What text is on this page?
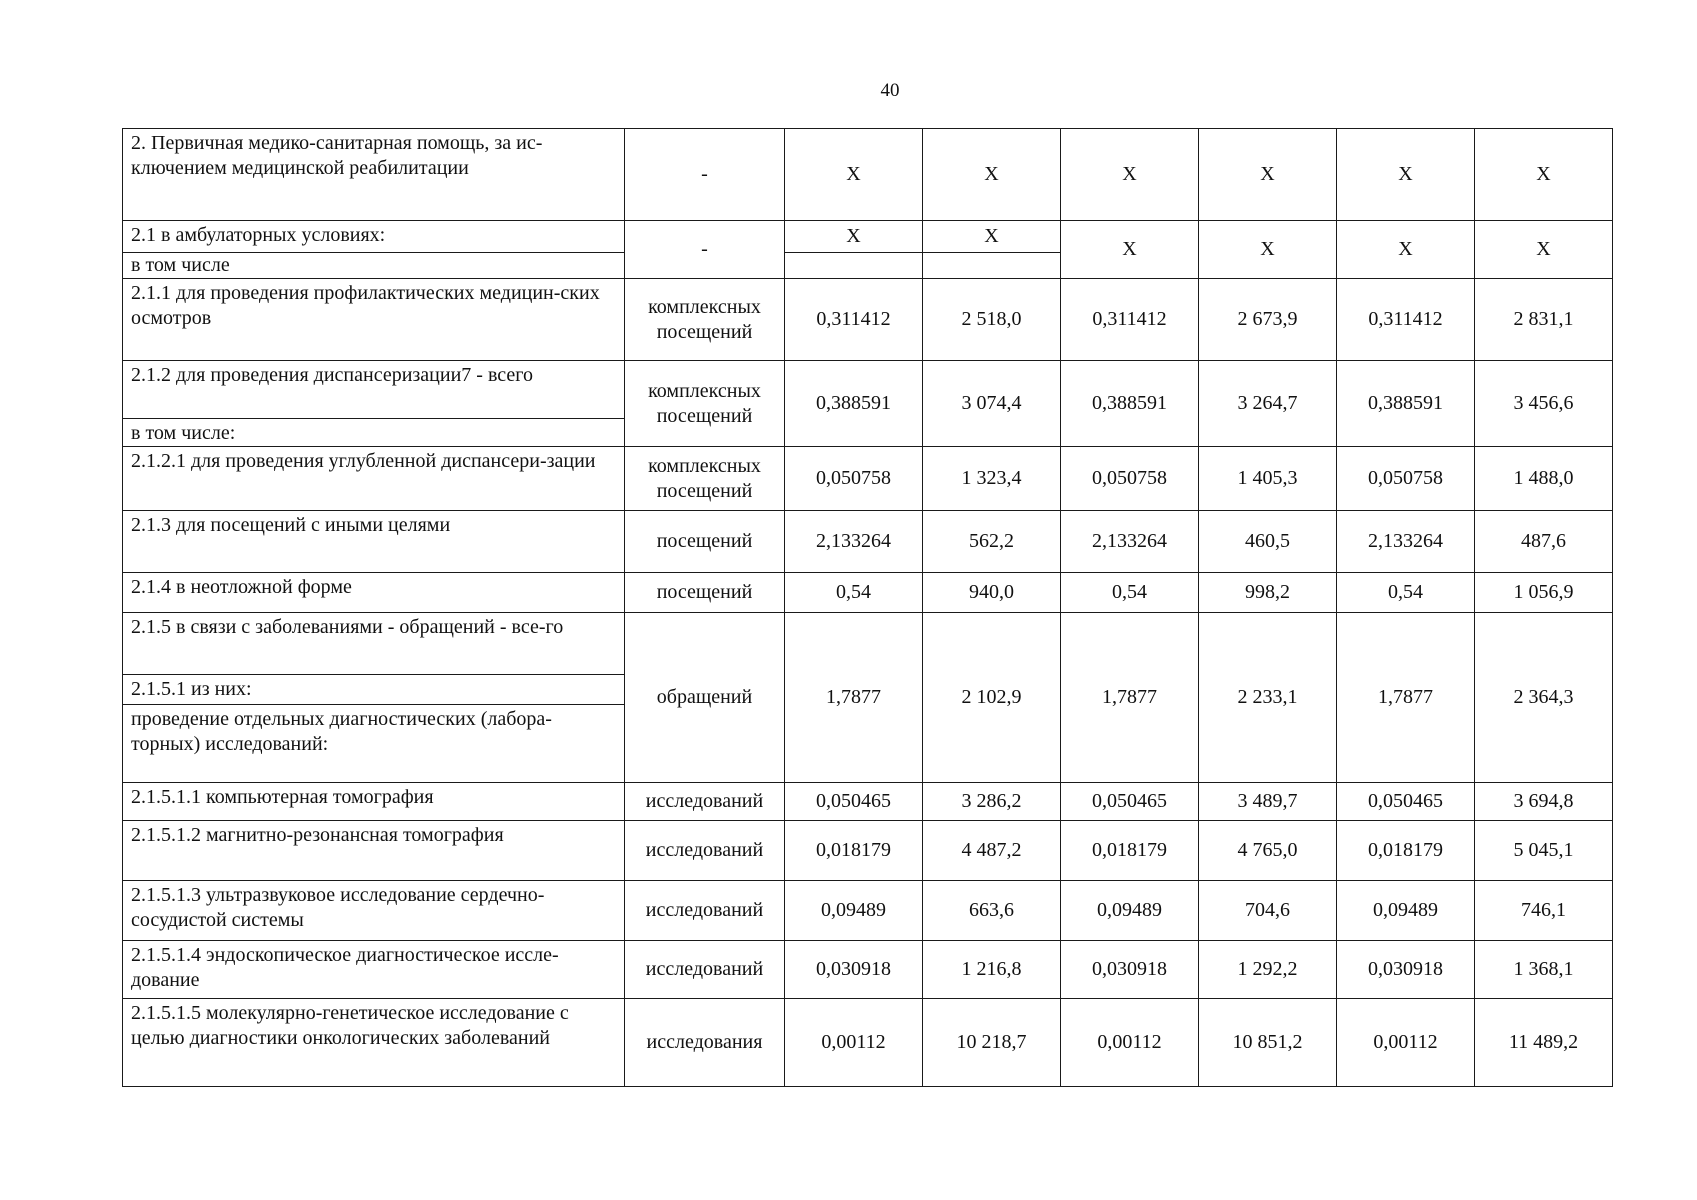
40
2. Первичная медико-санитарная помощь, за ис-ключением медицинской реабилитации	-	X	X	X	X	X	X
2.1 в амбулаторных условиях:	-	X	X	X	X	X	X
в том числе							
2.1.1 для проведения профилактических медицин-ских осмотров	комплексных посещений	0,311412	2 518,0	0,311412	2 673,9	0,311412	2 831,1
2.1.2 для проведения диспансеризации7 - всего	комплексных посещений	0,388591	3 074,4	0,388591	3 264,7	0,388591	3 456,6
в том числе:							
2.1.2.1 для проведения углубленной диспансери-зации	комплексных посещений	0,050758	1 323,4	0,050758	1 405,3	0,050758	1 488,0
2.1.3 для посещений с иными целями	посещений	2,133264	562,2	2,133264	460,5	2,133264	487,6
2.1.4 в неотложной форме	посещений	0,54	940,0	0,54	998,2	0,54	1 056,9
2.1.5 в связи с заболеваниями - обращений - все-го	обращений	1,7877	2 102,9	1,7877	2 233,1	1,7877	2 364,3
2.1.5.1 из них:							
проведение отдельных диагностических (лабора-торных) исследований:							
2.1.5.1.1 компьютерная томография	исследований	0,050465	3 286,2	0,050465	3 489,7	0,050465	3 694,8
2.1.5.1.2 магнитно-резонансная томография	исследований	0,018179	4 487,2	0,018179	4 765,0	0,018179	5 045,1
2.1.5.1.3 ультразвуковое исследование сердечно-сосудистой системы	исследований	0,09489	663,6	0,09489	704,6	0,09489	746,1
2.1.5.1.4 эндоскопическое диагностическое иссле-дование	исследований	0,030918	1 216,8	0,030918	1 292,2	0,030918	1 368,1
2.1.5.1.5 молекулярно-генетическое исследование с целью диагностики онкологических заболеваний	исследования	0,00112	10 218,7	0,00112	10 851,2	0,00112	11 489,2
